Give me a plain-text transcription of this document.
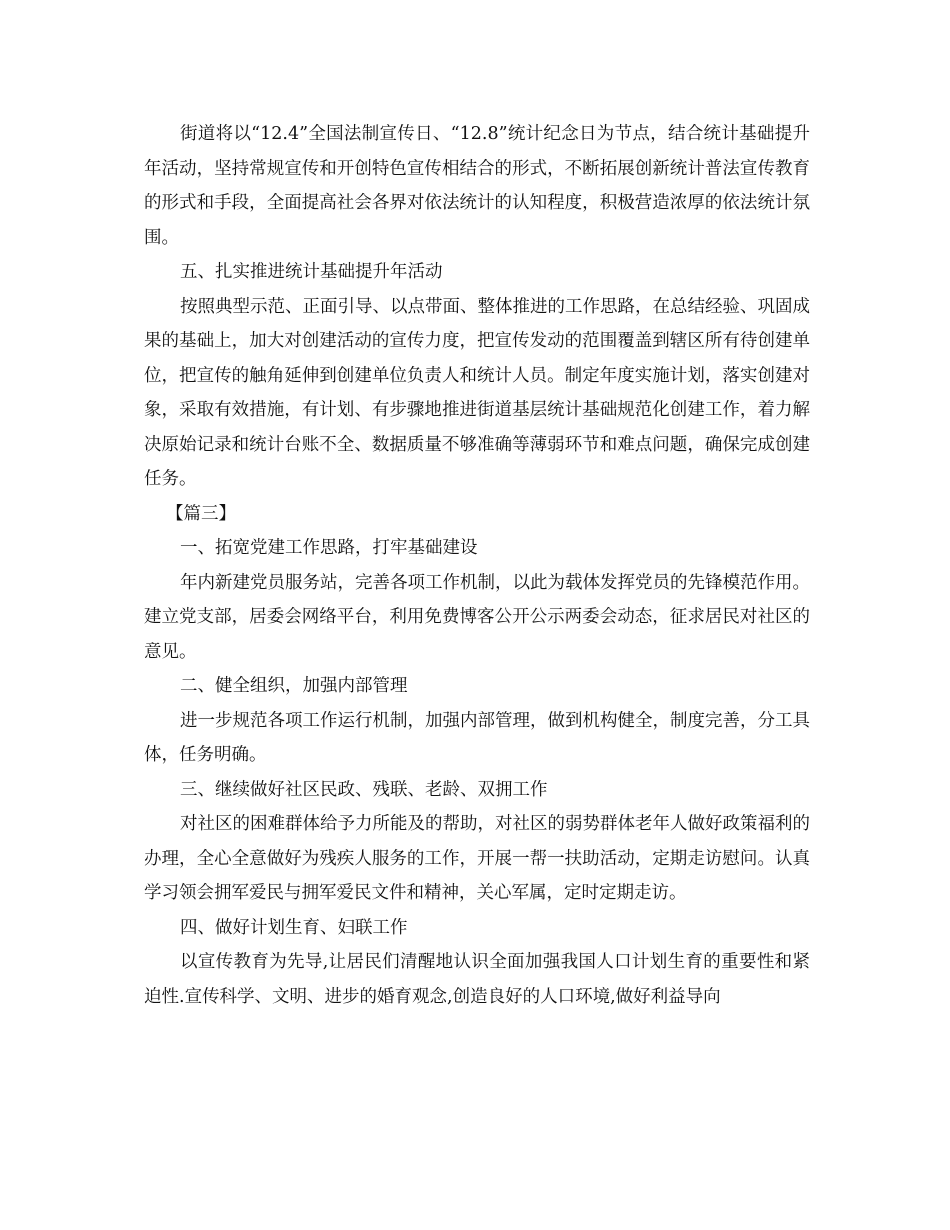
街道将以“12.4”全国法制宣传日、“12.8”统计纪念日为节点，结合统计基础提升年活动，坚持常规宣传和开创特色宣传相结合的形式，不断拓展创新统计普法宣传教育的形式和手段，全面提高社会各界对依法统计的认知程度，积极营造浓厚的依法统计氛围。

五、扎实推进统计基础提升年活动

按照典型示范、正面引导、以点带面、整体推进的工作思路，在总结经验、巩固成果的基础上，加大对创建活动的宣传力度，把宣传发动的范围覆盖到辖区所有待创建单位，把宣传的触角延伸到创建单位负责人和统计人员。制定年度实施计划，落实创建对象，采取有效措施，有计划、有步骤地推进街道基层统计基础规范化创建工作，着力解决原始记录和统计台账不全、数据质量不够准确等薄弱环节和难点问题，确保完成创建任务。

【篇三】

一、拓宽党建工作思路，打牢基础建设

年内新建党员服务站，完善各项工作机制，以此为载体发挥党员的先锋模范作用。建立党支部，居委会网络平台，利用免费博客公开公示两委会动态，征求居民对社区的意见。

二、健全组织，加强内部管理

进一步规范各项工作运行机制，加强内部管理，做到机构健全，制度完善，分工具体，任务明确。

三、继续做好社区民政、残联、老龄、双拥工作

对社区的困难群体给予力所能及的帮助，对社区的弱势群体老年人做好政策福利的办理，全心全意做好为残疾人服务的工作，开展一帮一扶助活动，定期走访慰问。认真学习领会拥军爱民与拥军爱民文件和精神，关心军属，定时定期走访。

四、做好计划生育、妇联工作

以宣传教育为先导,让居民们清醒地认识全面加强我国人口计划生育的重要性和紧迫性.宣传科学、文明、进步的婚育观念,创造良好的人口环境,做好利益导向
